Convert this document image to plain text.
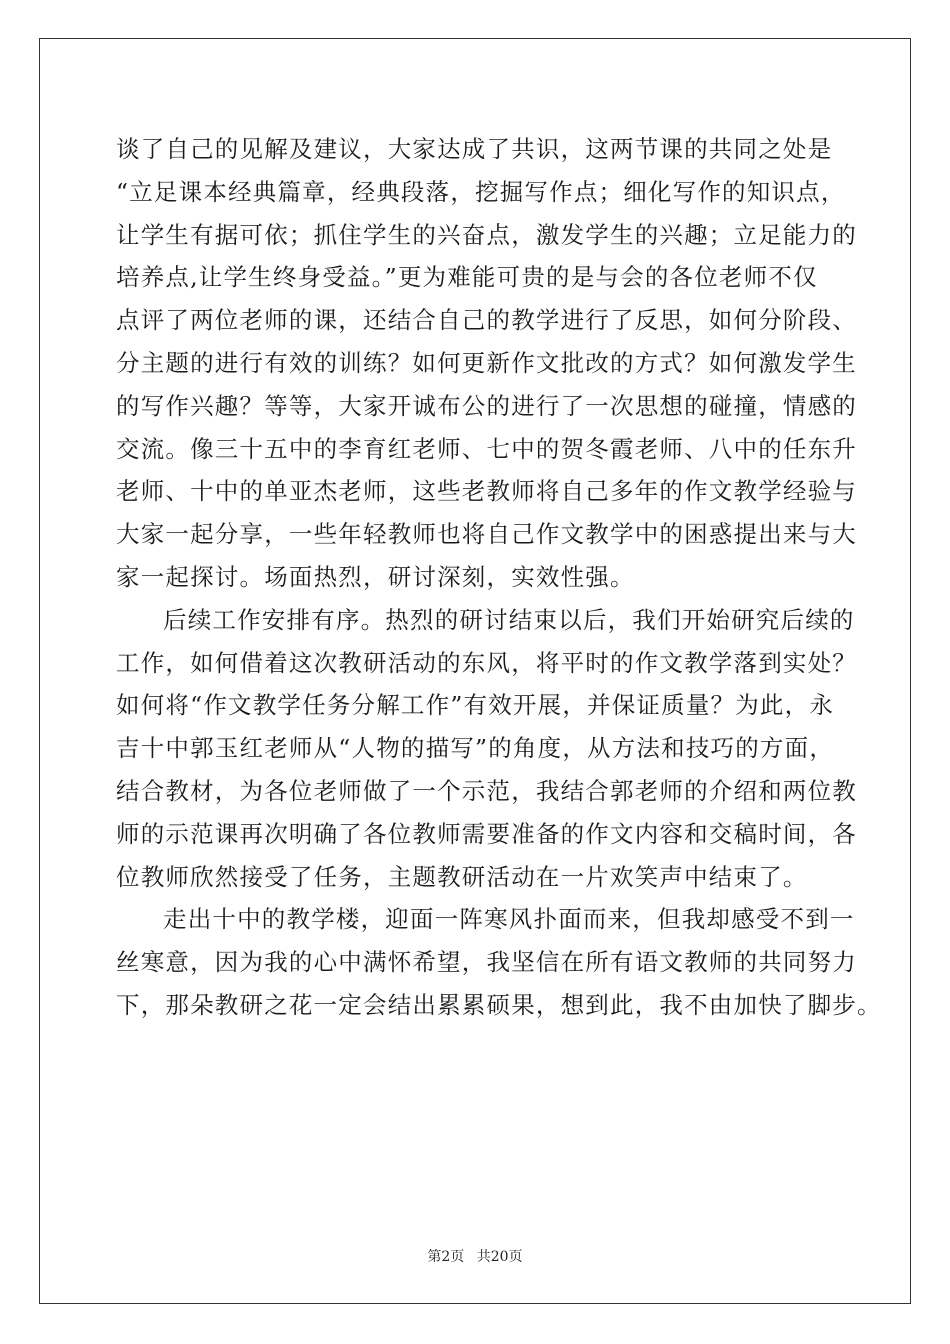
谈了自己的见解及建议，大家达成了共识，这两节课的共同之处是
“立足课本经典篇章，经典段落，挖掘写作点；细化写作的知识点，
让学生有据可依；抓住学生的兴奋点，激发学生的兴趣；立足能力的
培养点,让学生终身受益。”更为难能可贵的是与会的各位老师不仅
点评了两位老师的课，还结合自己的教学进行了反思，如何分阶段、
分主题的进行有效的训练？如何更新作文批改的方式？如何激发学生
的写作兴趣？等等，大家开诚布公的进行了一次思想的碰撞，情感的
交流。像三十五中的李育红老师、七中的贺冬霞老师、八中的任东升
老师、十中的单亚杰老师，这些老教师将自己多年的作文教学经验与
大家一起分享，一些年轻教师也将自己作文教学中的困惑提出来与大
家一起探讨。场面热烈，研讨深刻，实效性强。
后续工作安排有序。热烈的研讨结束以后，我们开始研究后续的
工作，如何借着这次教研活动的东风，将平时的作文教学落到实处？
如何将“作文教学任务分解工作”有效开展，并保证质量？为此，永
吉十中郭玉红老师从“人物的描写”的角度，从方法和技巧的方面，
结合教材，为各位老师做了一个示范，我结合郭老师的介绍和两位教
师的示范课再次明确了各位教师需要准备的作文内容和交稿时间，各
位教师欣然接受了任务，主题教研活动在一片欢笑声中结束了。
走出十中的教学楼，迎面一阵寒风扑面而来，但我却感受不到一
丝寒意，因为我的心中满怀希望，我坚信在所有语文教师的共同努力
下，那朵教研之花一定会结出累累硕果，想到此，我不由加快了脚步。
第2页 共20页
